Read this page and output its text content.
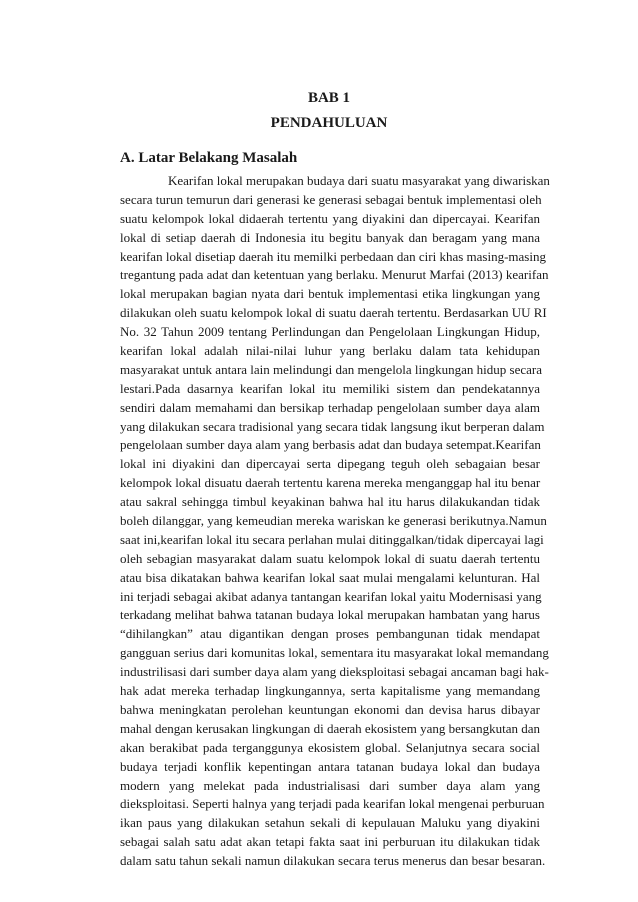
BAB 1
PENDAHULUAN
A. Latar Belakang Masalah
Kearifan lokal merupakan budaya dari suatu masyarakat yang diwariskan
secara turun temurun dari generasi ke generasi sebagai bentuk implementasi oleh
suatu kelompok lokal didaerah tertentu yang diyakini dan dipercayai. Kearifan
lokal di setiap daerah di Indonesia itu begitu banyak dan beragam yang mana
kearifan lokal disetiap daerah itu memilki perbedaan dan ciri khas masing-masing
tregantung pada adat dan ketentuan yang berlaku. Menurut Marfai (2013) kearifan
lokal merupakan bagian nyata dari bentuk implementasi etika lingkungan yang
dilakukan oleh suatu kelompok lokal di suatu daerah tertentu. Berdasarkan UU RI
No. 32 Tahun 2009 tentang Perlindungan dan Pengelolaan Lingkungan Hidup,
kearifan lokal adalah nilai-nilai luhur yang berlaku dalam tata kehidupan
masyarakat untuk antara lain melindungi dan mengelola lingkungan hidup secara
lestari.Pada dasarnya kearifan lokal itu memiliki sistem dan pendekatannya
sendiri dalam memahami dan bersikap terhadap pengelolaan sumber daya alam
yang dilakukan secara tradisional yang secara tidak langsung ikut berperan dalam
pengelolaan sumber daya alam yang berbasis adat dan budaya setempat.Kearifan
lokal ini diyakini dan dipercayai serta dipegang teguh oleh sebagaian besar
kelompok lokal disuatu daerah tertentu karena mereka menganggap hal itu benar
atau sakral sehingga timbul keyakinan bahwa hal itu harus dilakukandan tidak
boleh dilanggar, yang kemeudian mereka wariskan ke generasi berikutnya.Namun
saat ini,kearifan lokal itu secara perlahan mulai ditinggalkan/tidak dipercayai lagi
oleh sebagian masyarakat dalam suatu kelompok lokal di suatu daerah tertentu
atau bisa dikatakan bahwa kearifan lokal saat mulai mengalami kelunturan. Hal
ini terjadi sebagai akibat adanya tantangan kearifan lokal yaitu Modernisasi yang
terkadang melihat bahwa tatanan budaya lokal merupakan hambatan yang harus
“dihilangkan” atau digantikan dengan proses pembangunan tidak mendapat
gangguan serius dari komunitas lokal, sementara itu masyarakat lokal memandang
industrilisasi dari sumber daya alam yang dieksploitasi sebagai ancaman bagi hak-
hak adat mereka terhadap lingkungannya, serta kapitalisme yang memandang
bahwa meningkatan perolehan keuntungan ekonomi dan devisa harus dibayar
mahal dengan kerusakan lingkungan di daerah ekosistem yang bersangkutan dan
akan berakibat pada terganggunya ekosistem global. Selanjutnya secara social
budaya terjadi konflik kepentingan antara tatanan budaya lokal dan budaya
modern yang melekat pada industrialisasi dari sumber daya alam yang
dieksploitasi. Seperti halnya yang terjadi pada kearifan lokal mengenai perburuan
ikan paus yang dilakukan setahun sekali di kepulauan Maluku yang diyakini
sebagai salah satu adat akan tetapi fakta saat ini perburuan itu dilakukan tidak
dalam satu tahun sekali namun dilakukan secara terus menerus dan besar besaran.
